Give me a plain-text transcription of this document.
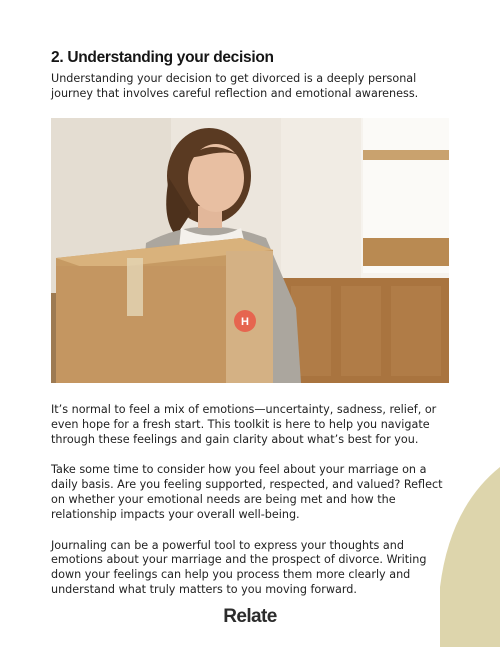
2. Understanding your decision

Understanding your decision to get divorced is a deeply personal journey that involves careful reflection and emotional awareness.

H

It’s normal to feel a mix of emotions—uncertainty, sadness, relief, or even hope for a fresh start. This toolkit is here to help you navigate through these feelings and gain clarity about what’s best for you.

Take some time to consider how you feel about your marriage on a daily basis. Are you feeling supported, respected, and valued? Reflect on whether your emotional needs are being met and how the relationship impacts your overall well-being.

Journaling can be a powerful tool to express your thoughts and emotions about your marriage and the prospect of divorce. Writing down your feelings can help you process them more clearly and understand what truly matters to you moving forward.

Relate
